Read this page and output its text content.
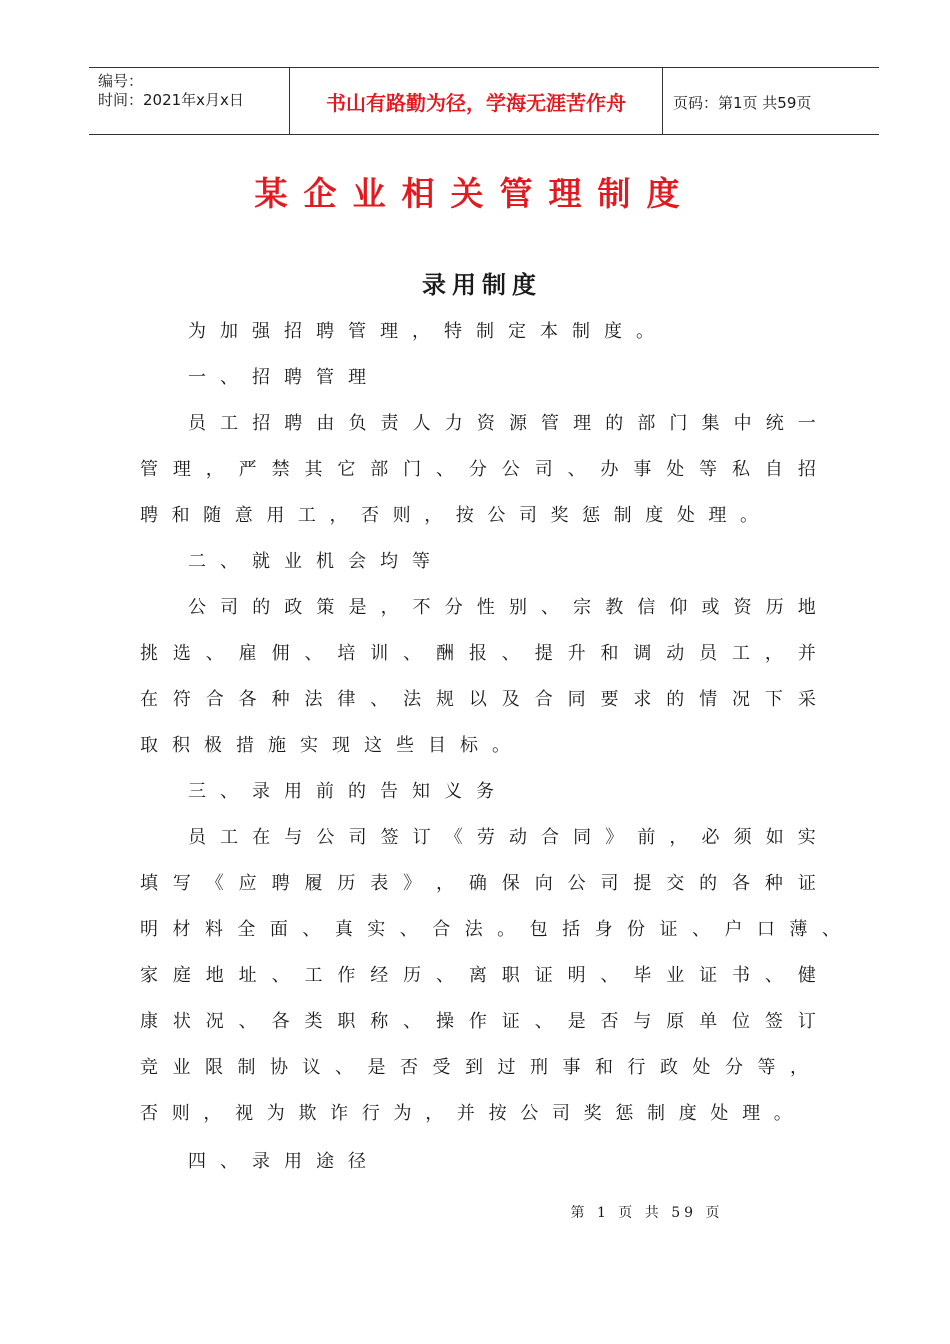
编号：
时间：2021年x月x日	书山有路勤为径，学海无涯苦作舟	页码：第1页 共59页
某企业相关管理制度
录用制度
为加强招聘管理，特制定本制度。
一、招聘管理
员 工 招 聘 由 负 责 人 力 资 源 管 理 的 部 门 集 中 统 一
管 理 ， 严 禁 其 它 部 门 、 分 公 司 、 办 事 处 等 私 自 招
聘 和 随 意 用 工 ， 否 则 ， 按 公 司 奖 惩 制 度 处 理 。
二、就业机会均等
公 司 的 政 策 是 ， 不 分 性 别 、 宗 教 信 仰 或 资 历 地
挑 选 、 雇 佣 、 培 训 、 酬 报 、 提 升 和 调 动 员 工 ， 并
在 符 合 各 种 法 律 、 法 规 以 及 合 同 要 求 的 情 况 下 采
取积极措施实现这些目标。
三、录用前的告知义务
员 工 在 与 公 司 签 订 《 劳 动 合 同 》 前 ， 必 须 如 实
填 写 《 应 聘 履 历 表 》 ， 确 保 向 公 司 提 交 的 各 种 证
明 材 料 全 面 、 真 实 、 合 法 。 包 括 身 份 证 、 户 口 薄 、
家 庭 地 址 、 工 作 经 历 、 离 职 证 明 、 毕 业 证 书 、 健
康 状 况 、 各 类 职 称 、 操 作 证 、 是 否 与 原 单 位 签 订
竞 业 限 制 协 议 、 是 否 受 到 过 刑 事 和 行 政 处 分 等 ，
否 则 ， 视 为 欺 诈 行 为 ， 并 按 公 司 奖 惩 制 度 处 理 。
四、录用途径
第 1 页 共 59 页
